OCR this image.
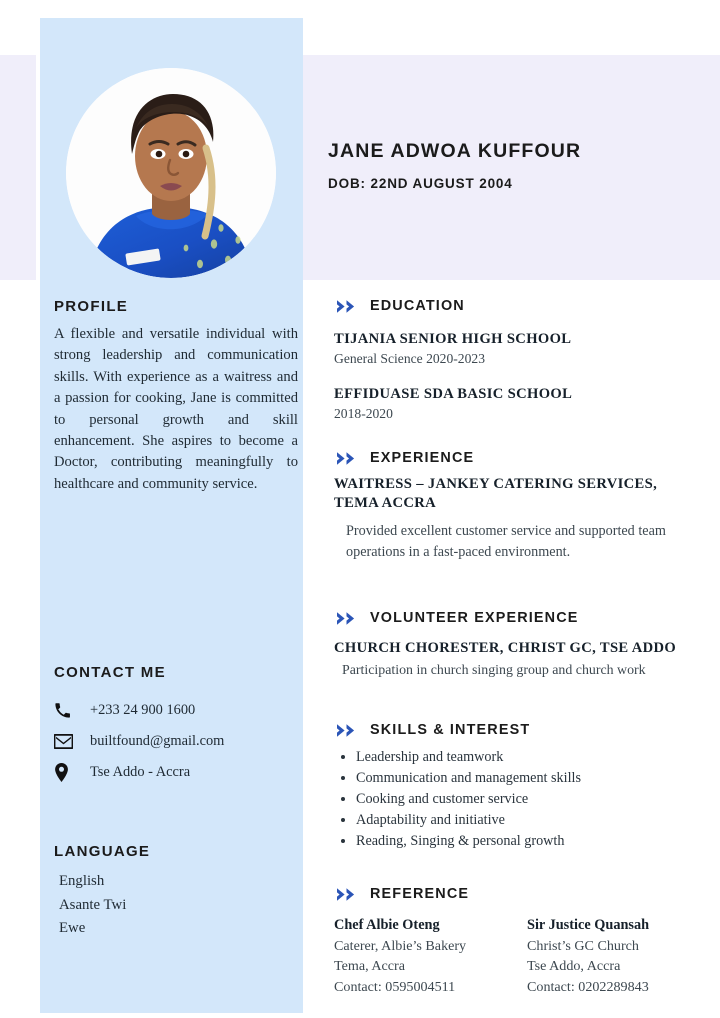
JANE ADWOA KUFFOUR
DOB: 22ND AUGUST 2004
PROFILE
A flexible and versatile individual with strong leadership and communication skills. With experience as a waitress and a passion for cooking, Jane is committed to personal growth and skill enhancement. She aspires to become a Doctor, contributing meaningfully to healthcare and community service.
CONTACT ME
+233 24 900 1600
builtfound@gmail.com
Tse Addo - Accra
LANGUAGE
English
Asante Twi
Ewe
EDUCATION
TIJANIA SENIOR HIGH SCHOOL
General Science 2020-2023
EFFIDUASE SDA BASIC SCHOOL
2018-2020
EXPERIENCE
WAITRESS – JANKEY CATERING SERVICES, TEMA ACCRA
Provided excellent customer service and supported team operations in a fast-paced environment.
VOLUNTEER EXPERIENCE
CHURCH CHORESTER, CHRIST GC, TSE ADDO
Participation in church singing group and church work
SKILLS & INTEREST
• Leadership and teamwork
• Communication and management skills
• Cooking and customer service
• Adaptability and initiative
• Reading, Singing & personal growth
REFERENCE
Chef Albie Oteng
Caterer, Albie’s Bakery
Tema, Accra
Contact: 0595004511
Sir Justice Quansah
Christ’s GC Church
Tse Addo, Accra
Contact: 0202289843
